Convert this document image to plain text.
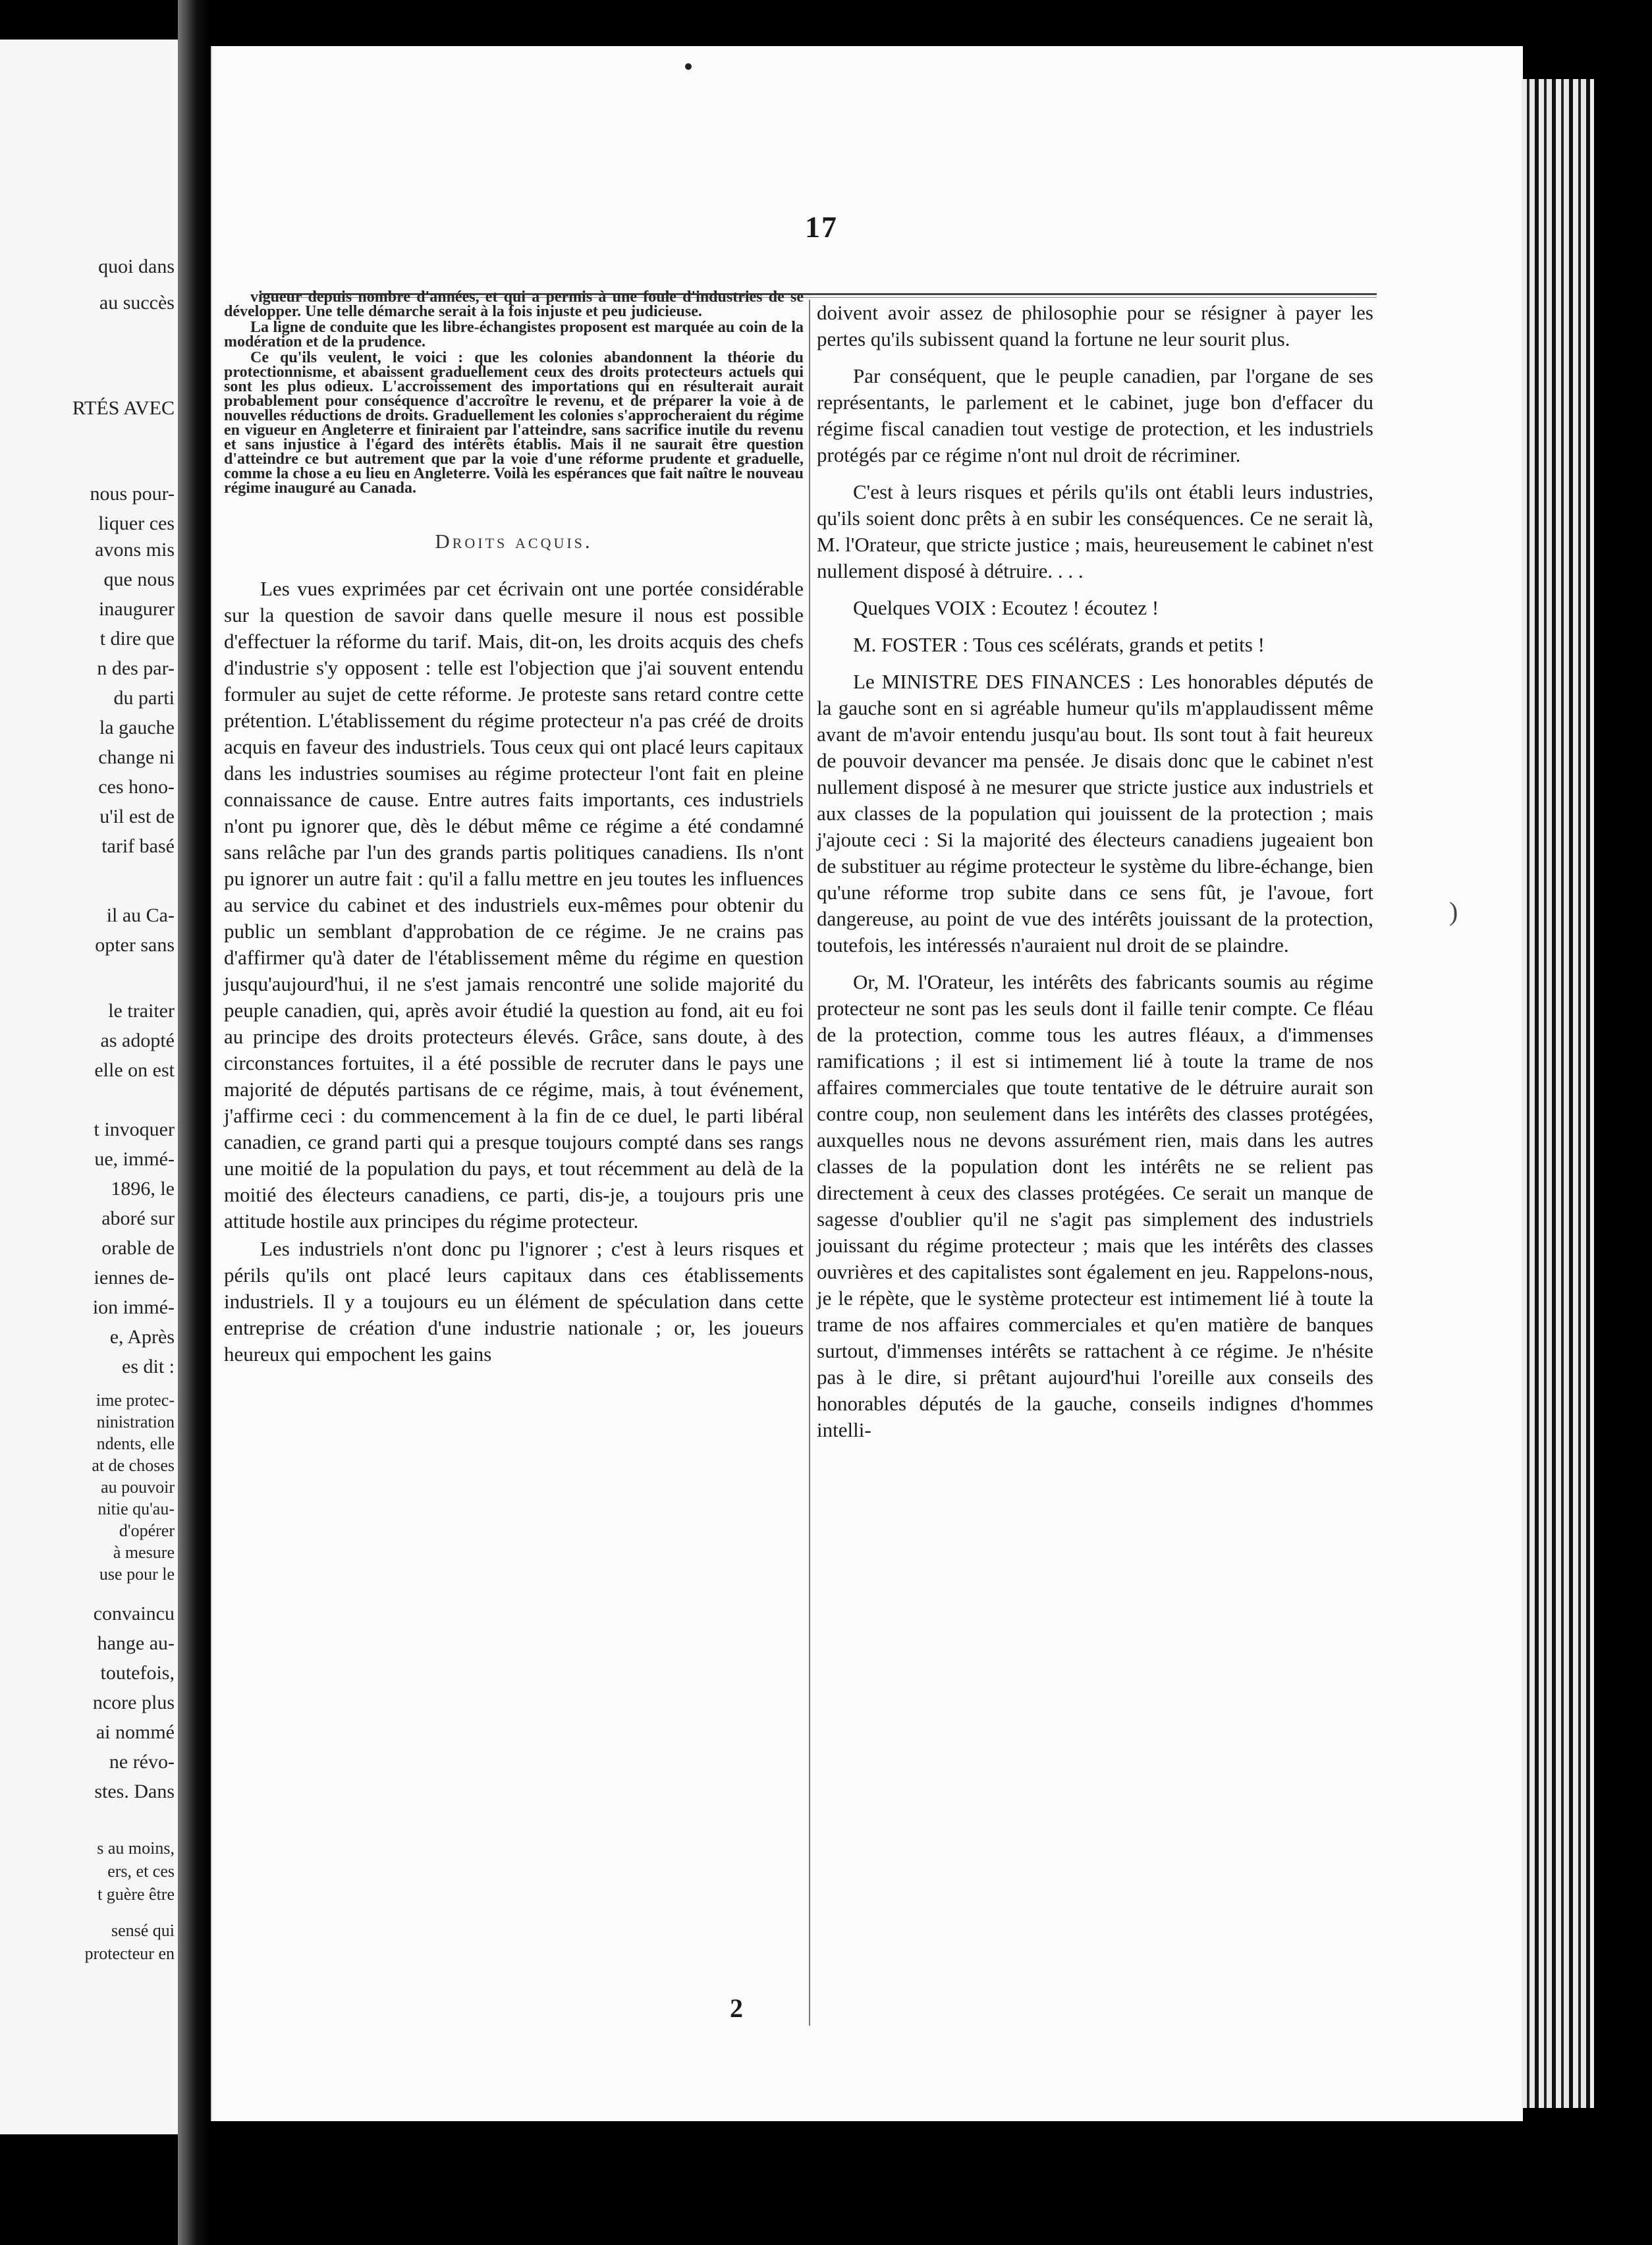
quoi dans
au succès
RTÉS AVEC
nous pour-
liquer ces
avons mis
que nous
inaugurer
t dire que
n des par-
du parti
la gauche
change ni
ces hono-
u'il est de
tarif basé
il au Ca-
opter sans
le traiter
as adopté
elle on est
t invoquer
ue, immé-
1896, le
aboré sur
orable de
iennes de-
ion immé-
e, Après
es dit :
ime protec-
ninistration
ndents, elle
at de choses
au pouvoir
nitie qu'au-
d'opérer
à mesure
use pour le
convaincu
hange au-
toutefois,
ncore plus
ai nommé
ne révo-
stes. Dans
s au moins,
ers, et ces
t guère être
sensé qui
protecteur en
17

vigueur depuis nombre d'années, et qui a permis à une foule d'industries de se développer. Une telle démarche serait à la fois injuste et peu judicieuse.

La ligne de conduite que les libre-échangistes proposent est marquée au coin de la modération et de la prudence.

Ce qu'ils veulent, le voici : que les colonies abandonnent la théorie du protectionnisme, et abaissent graduellement ceux des droits protecteurs actuels qui sont les plus odieux. L'accroissement des importations qui en résulterait aurait probablement pour conséquence d'accroître le revenu, et de préparer la voie à de nouvelles réductions de droits. Graduellement les colonies s'approcheraient du régime en vigueur en Angleterre et finiraient par l'atteindre, sans sacrifice inutile du revenu et sans injustice à l'égard des intérêts établis. Mais il ne saurait être question d'atteindre ce but autrement que par la voie d'une réforme prudente et graduelle, comme la chose a eu lieu en Angleterre. Voilà les espérances que fait naître le nouveau régime inauguré au Canada.

Droits acquis.

Les vues exprimées par cet écrivain ont une portée considérable sur la question de savoir dans quelle mesure il nous est possible d'effectuer la réforme du tarif. Mais, dit-on, les droits acquis des chefs d'industrie s'y opposent : telle est l'objection que j'ai souvent entendu formuler au sujet de cette réforme. Je proteste sans retard contre cette prétention. L'établissement du régime protecteur n'a pas créé de droits acquis en faveur des industriels. Tous ceux qui ont placé leurs capitaux dans les industries soumises au régime protecteur l'ont fait en pleine connaissance de cause. Entre autres faits importants, ces industriels n'ont pu ignorer que, dès le début même ce régime a été condamné sans relâche par l'un des grands partis politiques canadiens. Ils n'ont pu ignorer un autre fait : qu'il a fallu mettre en jeu toutes les influences au service du cabinet et des industriels eux-mêmes pour obtenir du public un semblant d'approbation de ce régime. Je ne crains pas d'affirmer qu'à dater de l'établissement même du régime en question jusqu'aujourd'hui, il ne s'est jamais rencontré une solide majorité du peuple canadien, qui, après avoir étudié la question au fond, ait eu foi au principe des droits protecteurs élevés. Grâce, sans doute, à des circonstances fortuites, il a été possible de recruter dans le pays une majorité de députés partisans de ce régime, mais, à tout événement, j'affirme ceci : du commencement à la fin de ce duel, le parti libéral canadien, ce grand parti qui a presque toujours compté dans ses rangs une moitié de la population du pays, et tout récemment au delà de la moitié des électeurs canadiens, ce parti, dis-je, a toujours pris une attitude hostile aux principes du régime protecteur.

Les industriels n'ont donc pu l'ignorer ; c'est à leurs risques et périls qu'ils ont placé leurs capitaux dans ces établissements industriels. Il y a toujours eu un élément de spéculation dans cette entreprise de création d'une industrie nationale ; or, les joueurs heureux qui empochent les gains

doivent avoir assez de philosophie pour se résigner à payer les pertes qu'ils subissent quand la fortune ne leur sourit plus.

Par conséquent, que le peuple canadien, par l'organe de ses représentants, le parlement et le cabinet, juge bon d'effacer du régime fiscal canadien tout vestige de protection, et les industriels protégés par ce régime n'ont nul droit de récriminer.

C'est à leurs risques et périls qu'ils ont établi leurs industries, qu'ils soient donc prêts à en subir les conséquences. Ce ne serait là, M. l'Orateur, que stricte justice ; mais, heureusement le cabinet n'est nullement disposé à détruire. . . .

Quelques VOIX : Ecoutez ! écoutez !

M. FOSTER : Tous ces scélérats, grands et petits !

Le MINISTRE DES FINANCES : Les honorables députés de la gauche sont en si agréable humeur qu'ils m'applaudissent même avant de m'avoir entendu jusqu'au bout. Ils sont tout à fait heureux de pouvoir devancer ma pensée. Je disais donc que le cabinet n'est nullement disposé à ne mesurer que stricte justice aux industriels et aux classes de la population qui jouissent de la protection ; mais j'ajoute ceci : Si la majorité des électeurs canadiens jugeaient bon de substituer au régime protecteur le système du libre-échange, bien qu'une réforme trop subite dans ce sens fût, je l'avoue, fort dangereuse, au point de vue des intérêts jouissant de la protection, toutefois, les intéressés n'auraient nul droit de se plaindre.

Or, M. l'Orateur, les intérêts des fabricants soumis au régime protecteur ne sont pas les seuls dont il faille tenir compte. Ce fléau de la protection, comme tous les autres fléaux, a d'immenses ramifications ; il est si intimement lié à toute la trame de nos affaires commerciales que toute tentative de le détruire aurait son contre coup, non seulement dans les intérêts des classes protégées, auxquelles nous ne devons assurément rien, mais dans les autres classes de la population dont les intérêts ne se relient pas directement à ceux des classes protégées. Ce serait un manque de sagesse d'oublier qu'il ne s'agit pas simplement des industriels jouissant du régime protecteur ; mais que les intérêts des classes ouvrières et des capitalistes sont également en jeu. Rappelons-nous, je le répète, que le système protecteur est intimement lié à toute la trame de nos affaires commerciales et qu'en matière de banques surtout, d'immenses intérêts se rattachent à ce régime. Je n'hésite pas à le dire, si prêtant aujourd'hui l'oreille aux conseils des honorables députés de la gauche, conseils indignes d'hommes intelli-

2
)
